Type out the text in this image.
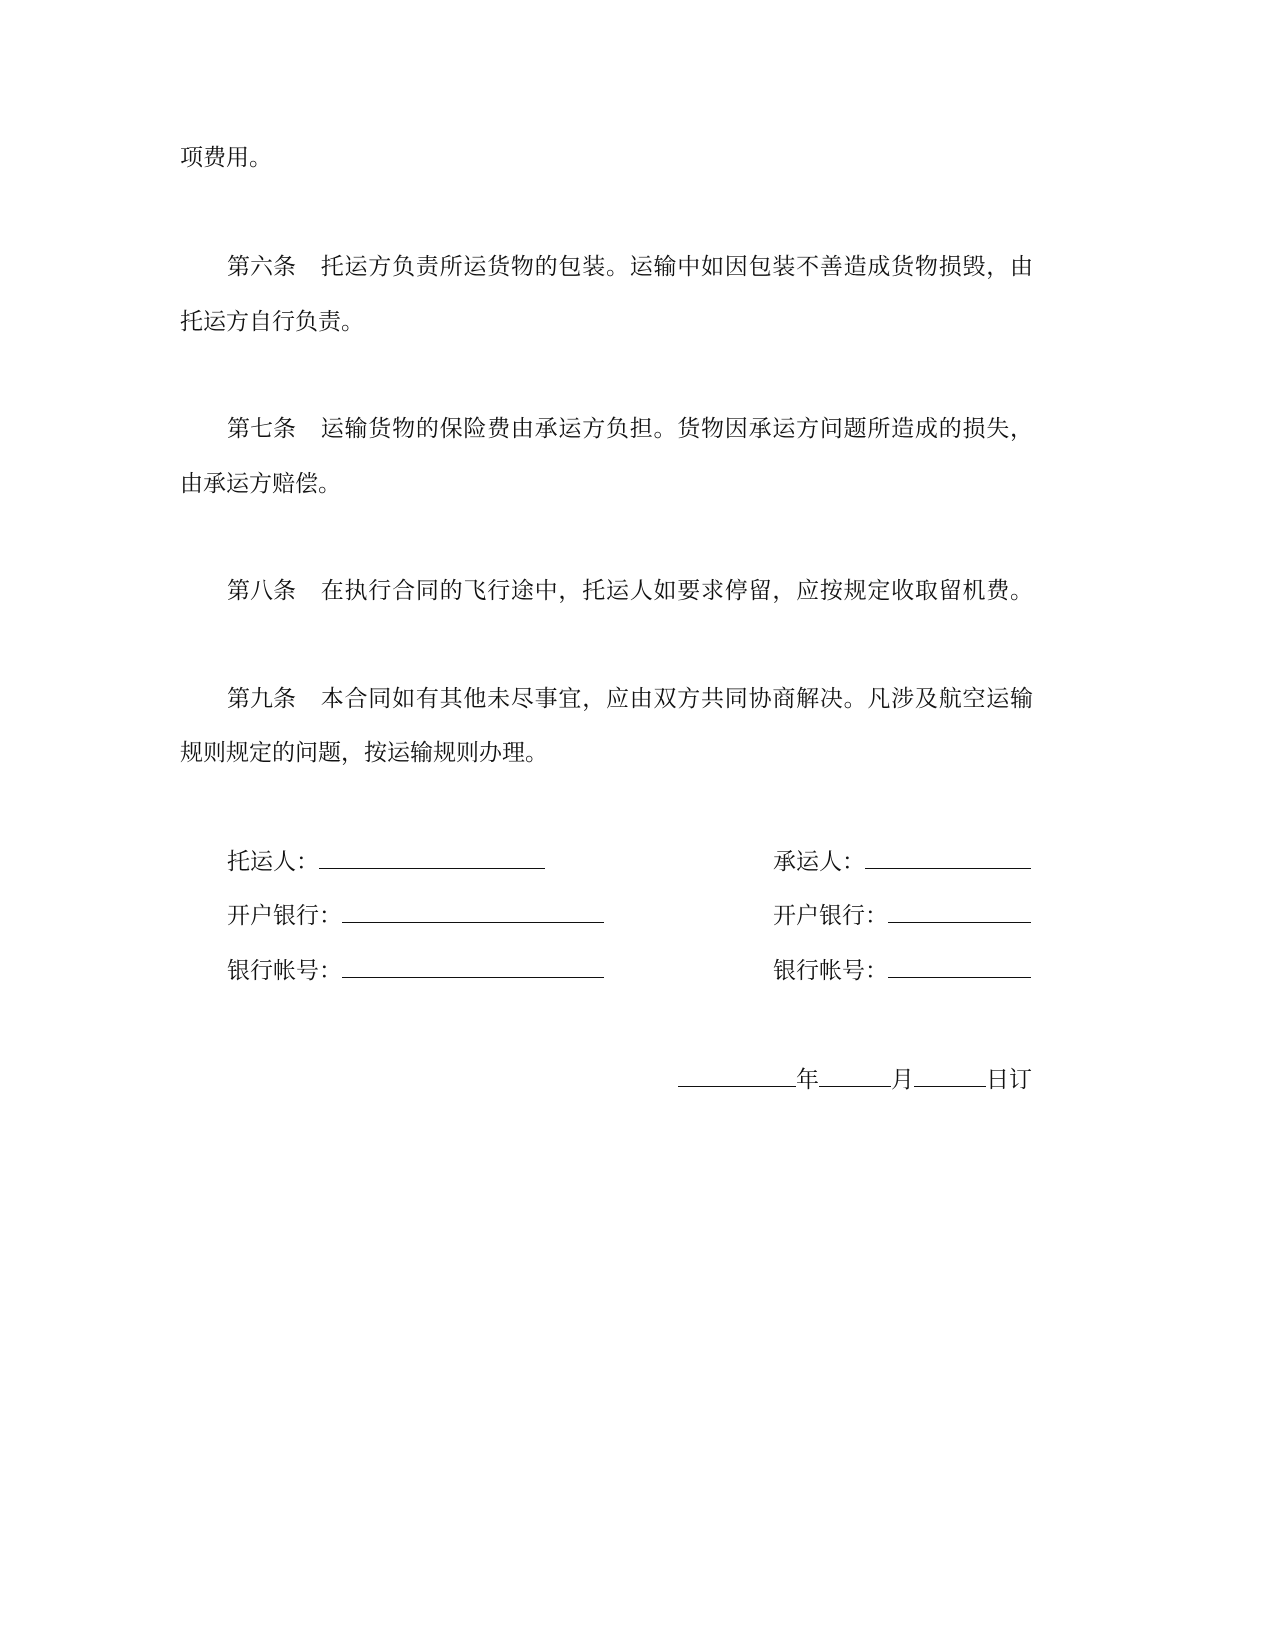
项费用。
第六条 托运方负责所运货物的包装。运输中如因包装不善造成货物损毁，由
托运方自行负责。
第七条 运输货物的保险费由承运方负担。货物因承运方问题所造成的损失，
由承运方赔偿。
第八条 在执行合同的飞行途中，托运人如要求停留，应按规定收取留机费。
第九条 本合同如有其他未尽事宜，应由双方共同协商解决。凡涉及航空运输
规则规定的问题，按运输规则办理。
托运人：
开户银行：
银行帐号：
承运人：
开户银行：
银行帐号：
年	月	日订
